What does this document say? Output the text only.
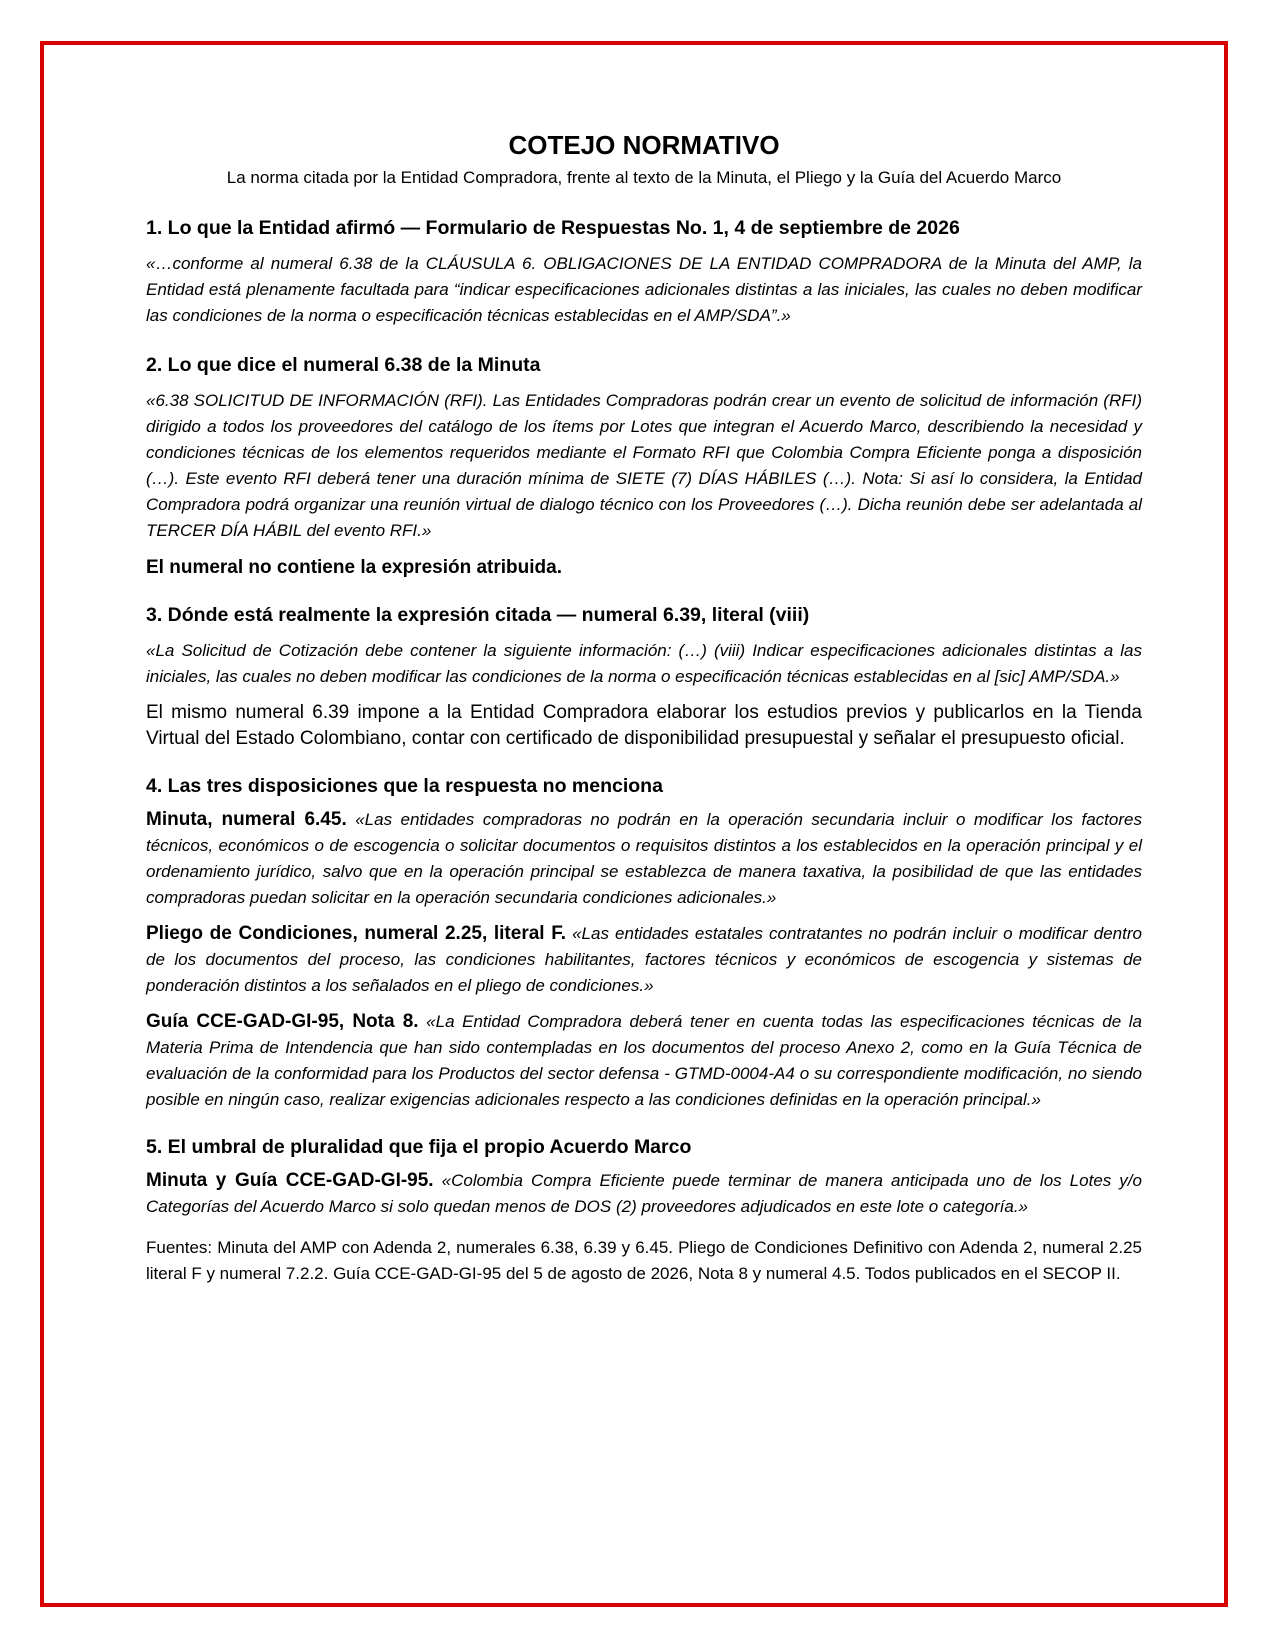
COTEJO NORMATIVO

La norma citada por la Entidad Compradora, frente al texto de la Minuta, el Pliego y la Guía del Acuerdo Marco

1. Lo que la Entidad afirmó — Formulario de Respuestas No. 1, 4 de septiembre de 2026

«…conforme al numeral 6.38 de la CLÁUSULA 6. OBLIGACIONES DE LA ENTIDAD COMPRADORA de la Minuta del AMP, la Entidad está plenamente facultada para “indicar especificaciones adicionales distintas a las iniciales, las cuales no deben modificar las condiciones de la norma o especificación técnicas establecidas en el AMP/SDA”.»

2. Lo que dice el numeral 6.38 de la Minuta

«6.38 SOLICITUD DE INFORMACIÓN (RFI). Las Entidades Compradoras podrán crear un evento de solicitud de información (RFI) dirigido a todos los proveedores del catálogo de los ítems por Lotes que integran el Acuerdo Marco, describiendo la necesidad y condiciones técnicas de los elementos requeridos mediante el Formato RFI que Colombia Compra Eficiente ponga a disposición (…). Este evento RFI deberá tener una duración mínima de SIETE (7) DÍAS HÁBILES (…). Nota: Si así lo considera, la Entidad Compradora podrá organizar una reunión virtual de dialogo técnico con los Proveedores (…). Dicha reunión debe ser adelantada al TERCER DÍA HÁBIL del evento RFI.»

El numeral no contiene la expresión atribuida.

3. Dónde está realmente la expresión citada — numeral 6.39, literal (viii)

«La Solicitud de Cotización debe contener la siguiente información: (…) (viii) Indicar especificaciones adicionales distintas a las iniciales, las cuales no deben modificar las condiciones de la norma o especificación técnicas establecidas en al [sic] AMP/SDA.»

El mismo numeral 6.39 impone a la Entidad Compradora elaborar los estudios previos y publicarlos en la Tienda Virtual del Estado Colombiano, contar con certificado de disponibilidad presupuestal y señalar el presupuesto oficial.

4. Las tres disposiciones que la respuesta no menciona

Minuta, numeral 6.45. «Las entidades compradoras no podrán en la operación secundaria incluir o modificar los factores técnicos, económicos o de escogencia o solicitar documentos o requisitos distintos a los establecidos en la operación principal y el ordenamiento jurídico, salvo que en la operación principal se establezca de manera taxativa, la posibilidad de que las entidades compradoras puedan solicitar en la operación secundaria condiciones adicionales.»

Pliego de Condiciones, numeral 2.25, literal F. «Las entidades estatales contratantes no podrán incluir o modificar dentro de los documentos del proceso, las condiciones habilitantes, factores técnicos y económicos de escogencia y sistemas de ponderación distintos a los señalados en el pliego de condiciones.»

Guía CCE-GAD-GI-95, Nota 8. «La Entidad Compradora deberá tener en cuenta todas las especificaciones técnicas de la Materia Prima de Intendencia que han sido contempladas en los documentos del proceso Anexo 2, como en la Guía Técnica de evaluación de la conformidad para los Productos del sector defensa - GTMD-0004-A4 o su correspondiente modificación, no siendo posible en ningún caso, realizar exigencias adicionales respecto a las condiciones definidas en la operación principal.»

5. El umbral de pluralidad que fija el propio Acuerdo Marco

Minuta y Guía CCE-GAD-GI-95. «Colombia Compra Eficiente puede terminar de manera anticipada uno de los Lotes y/o Categorías del Acuerdo Marco si solo quedan menos de DOS (2) proveedores adjudicados en este lote o categoría.»

Fuentes: Minuta del AMP con Adenda 2, numerales 6.38, 6.39 y 6.45. Pliego de Condiciones Definitivo con Adenda 2, numeral 2.25 literal F y numeral 7.2.2. Guía CCE-GAD-GI-95 del 5 de agosto de 2026, Nota 8 y numeral 4.5. Todos publicados en el SECOP II.
